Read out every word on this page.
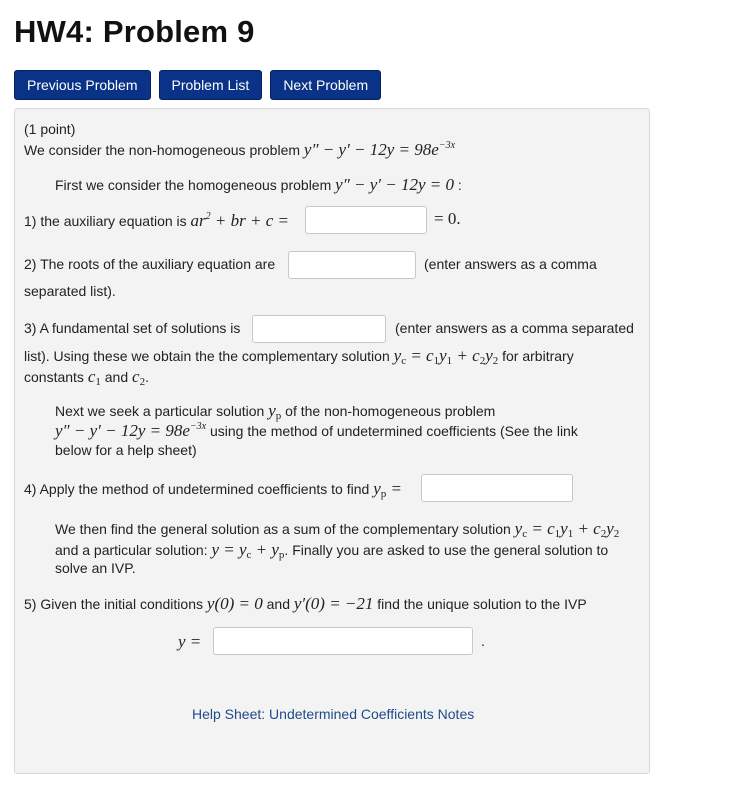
HW4: Problem 9
Previous Problem	Problem List	Next Problem
(1 point)
We consider the non-homogeneous problem $y'' - y' - 12y = 98e^{-3x}$
First we consider the homogeneous problem y″ − y′ − 12y = 0 :
1) the auxiliary equation is $ar^2$ + br + c =	= 0.
2) The roots of the auxiliary equation are	(enter answers as a comma
separated list).
3) A fundamental set of solutions is	(enter answers as a comma separated
list). Using these we obtain the the complementary solution $y_c = c_1y_1 + c_2y_2$ for arbitrary
constants $c_1$ and $c_2$.
Next we seek a particular solution $y_p$ of the non-homogeneous problem
$y'' - y' - 12y = 98e^{-3x}$ using the method of undetermined coefficients (See the link
below for a help sheet)
4) Apply the method of undetermined coefficients to find $y_p$ =
We then find the general solution as a sum of the complementary solution $y_c = c_1y_1 + c_2y_2$
and a particular solution: $y = y_c + y_p$. Finally you are asked to use the general solution to
solve an IVP.
5) Given the initial conditions y(0) = 0 and y′(0) = −21 find the unique solution to the IVP
y =	.
Help Sheet: Undetermined Coefficients Notes
